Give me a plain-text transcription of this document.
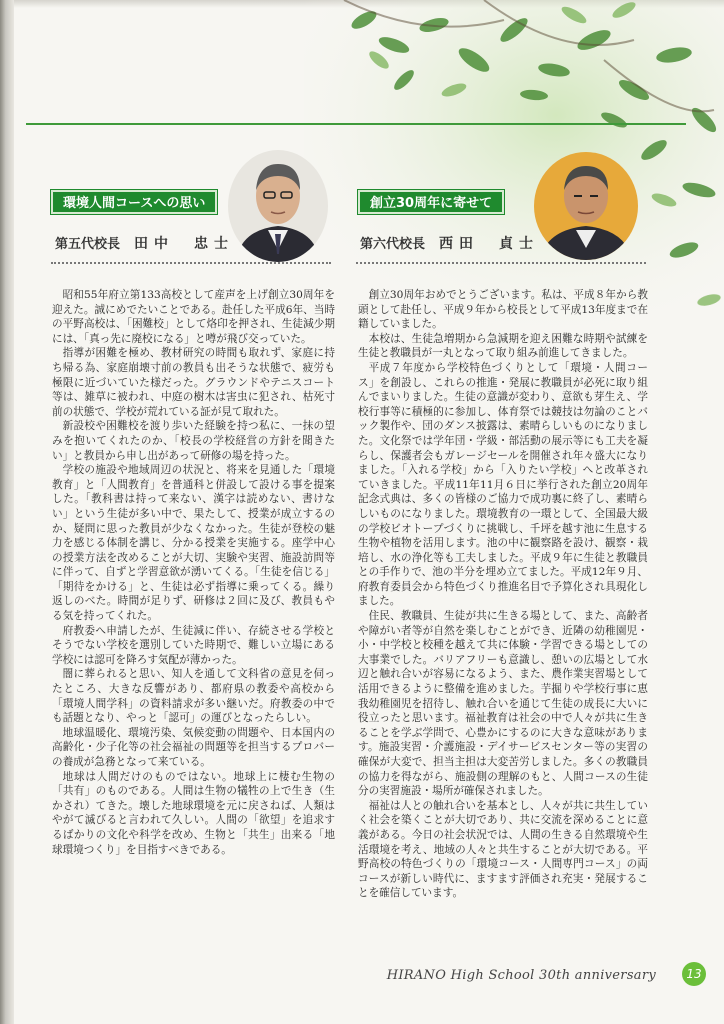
環境人間コースへの思い
第五代校長 田中　忠士
創立30周年に寄せて
第六代校長 西田　貞士

昭和55年府立第133高校として産声を上げ創立30周年を迎えた。誠にめでたいことである。赴任した平成6年、当時の平野高校は、「困難校」として烙印を押され、生徒減少期には、「真っ先に廃校になる」と噂が飛び交っていた。

指導が困難を極め、教材研究の時間も取れず、家庭に持ち帰る為、家庭崩壊寸前の教員も出そうな状態で、疲労も極限に近づいていた様だった。グラウンドやテニスコート等は、雑草に被われ、中庭の樹木は害虫に犯され、枯死寸前の状態で、学校が荒れている証が見て取れた。

新設校や困難校を渡り歩いた経験を持つ私に、一抹の望みを抱いてくれたのか、「校長の学校経営の方針を聞きたい」と教員から申し出があって研修の場を持った。

学校の施設や地域周辺の状況と、将来を見通した「環境教育」と「人間教育」を普通科と併設して設ける事を提案した。「教科書は持って来ない、漢字は読めない、書けない」という生徒が多い中で、果たして、授業が成立するのか、疑問に思った教員が少なくなかった。生徒が登校の魅力を感じる体制を講じ、分かる授業を実施する。座学中心の授業方法を改めることが大切、実験や実習、施設訪問等に伴って、自ずと学習意欲が湧いてくる。「生徒を信じる」「期待をかける」と、生徒は必ず指導に乗ってくる。繰り返しのべた。時間が足りず、研修は２回に及び、教員もやる気を持ってくれた。

府教委へ申請したが、生徒減に伴い、存続させる学校とそうでない学校を選別していた時期で、難しい立場にある学校には認可を降ろす気配が薄かった。

闇に葬られると思い、知人を通して文科省の意見を伺ったところ、大きな反響があり、都府県の教委や高校から「環境人間学科」の資料請求が多い継いだ。府教委の中でも話題となり、やっと「認可」の運びとなったらしい。

地球温暖化、環境汚染、気候変動の問題や、日本国内の高齢化・少子化等の社会福祉の問題等を担当するプロバーの養成が急務となって来ている。

地球は人間だけのものではない。地球上に棲む生物の「共有」のものである。人間は生物の犠牲の上で生き（生かされ）てきた。壊した地球環境を元に戻さねば、人類はやがて滅びると言われて久しい。人間の「欲望」を追求するばかりの文化や科学を改め、生物と「共生」出来る「地球環境つくり」を目指すべきである。

創立30周年おめでとうございます。私は、平成８年から教頭として赴任し、平成９年から校長として平成13年度まで在籍していました。

本校は、生徒急増期から急減期を迎え困難な時期や試練を生徒と教職員が一丸となって取り組み前進してきました。

平成７年度から学校特色づくりとして「環境・人間コース」を創設し、これらの推進・発展に教職員が必死に取り組んでまいりました。生徒の意識が変わり、意欲も芽生え、学校行事等に積極的に参加し、体育祭では競技は勿論のことバック製作や、団のダンス披露は、素晴らしいものになりました。文化祭では学年団・学級・部活動の展示等にも工夫を凝らし、保護者会もガレージセールを開催され年々盛大になりました。「入れる学校」から「入りたい学校」へと改革されていきました。平成11年11月６日に挙行された創立20周年記念式典は、多くの皆様のご協力で成功裏に終了し、素晴らしいものになりました。環境教育の一環として、全国最大級の学校ビオトープづくりに挑戦し、千坪を越す池に生息する生物や植物を活用します。池の中に観察路を設け、観察・栽培し、水の浄化等も工夫しました。平成９年に生徒と教職員との手作りで、池の半分を埋め立てました。平成12年９月、府教育委員会から特色づくり推進名目で予算化され具現化しました。

住民、教職員、生徒が共に生きる場として、また、高齢者や障がい者等が自然を楽しむことができ、近隣の幼稚園児・小・中学校と校種を越えて共に体験・学習できる場としての大事業でした。バリアフリーも意識し、憩いの広場として水辺と触れ合いが容易になるよう、また、農作業実習場として活用できるように整備を進めました。芋掘りや学校行事に恵我幼稚園児を招待し、触れ合いを通じて生徒の成長に大いに役立ったと思います。福祉教育は社会の中で人々が共に生きることを学ぶ学問で、心豊かにするのに大きな意味があります。施設実習・介護施設・デイサービスセンター等の実習の確保が大変で、担当主担は大変苦労しました。多くの教職員の協力を得ながら、施設側の理解のもと、人間コースの生徒分の実習施設・場所が確保されました。

福祉は人との触れ合いを基本とし、人々が共に共生していく社会を築くことが大切であり、共に交流を深めることに意義がある。今日の社会状況では、人間の生きる自然環境や生活環境を考え、地域の人々と共生することが大切である。平野高校の特色づくりの「環境コース・人間専門コース」の両コースが新しい時代に、ますます評価され充実・発展することを確信しています。

HIRANO High School 30th anniversary	13
